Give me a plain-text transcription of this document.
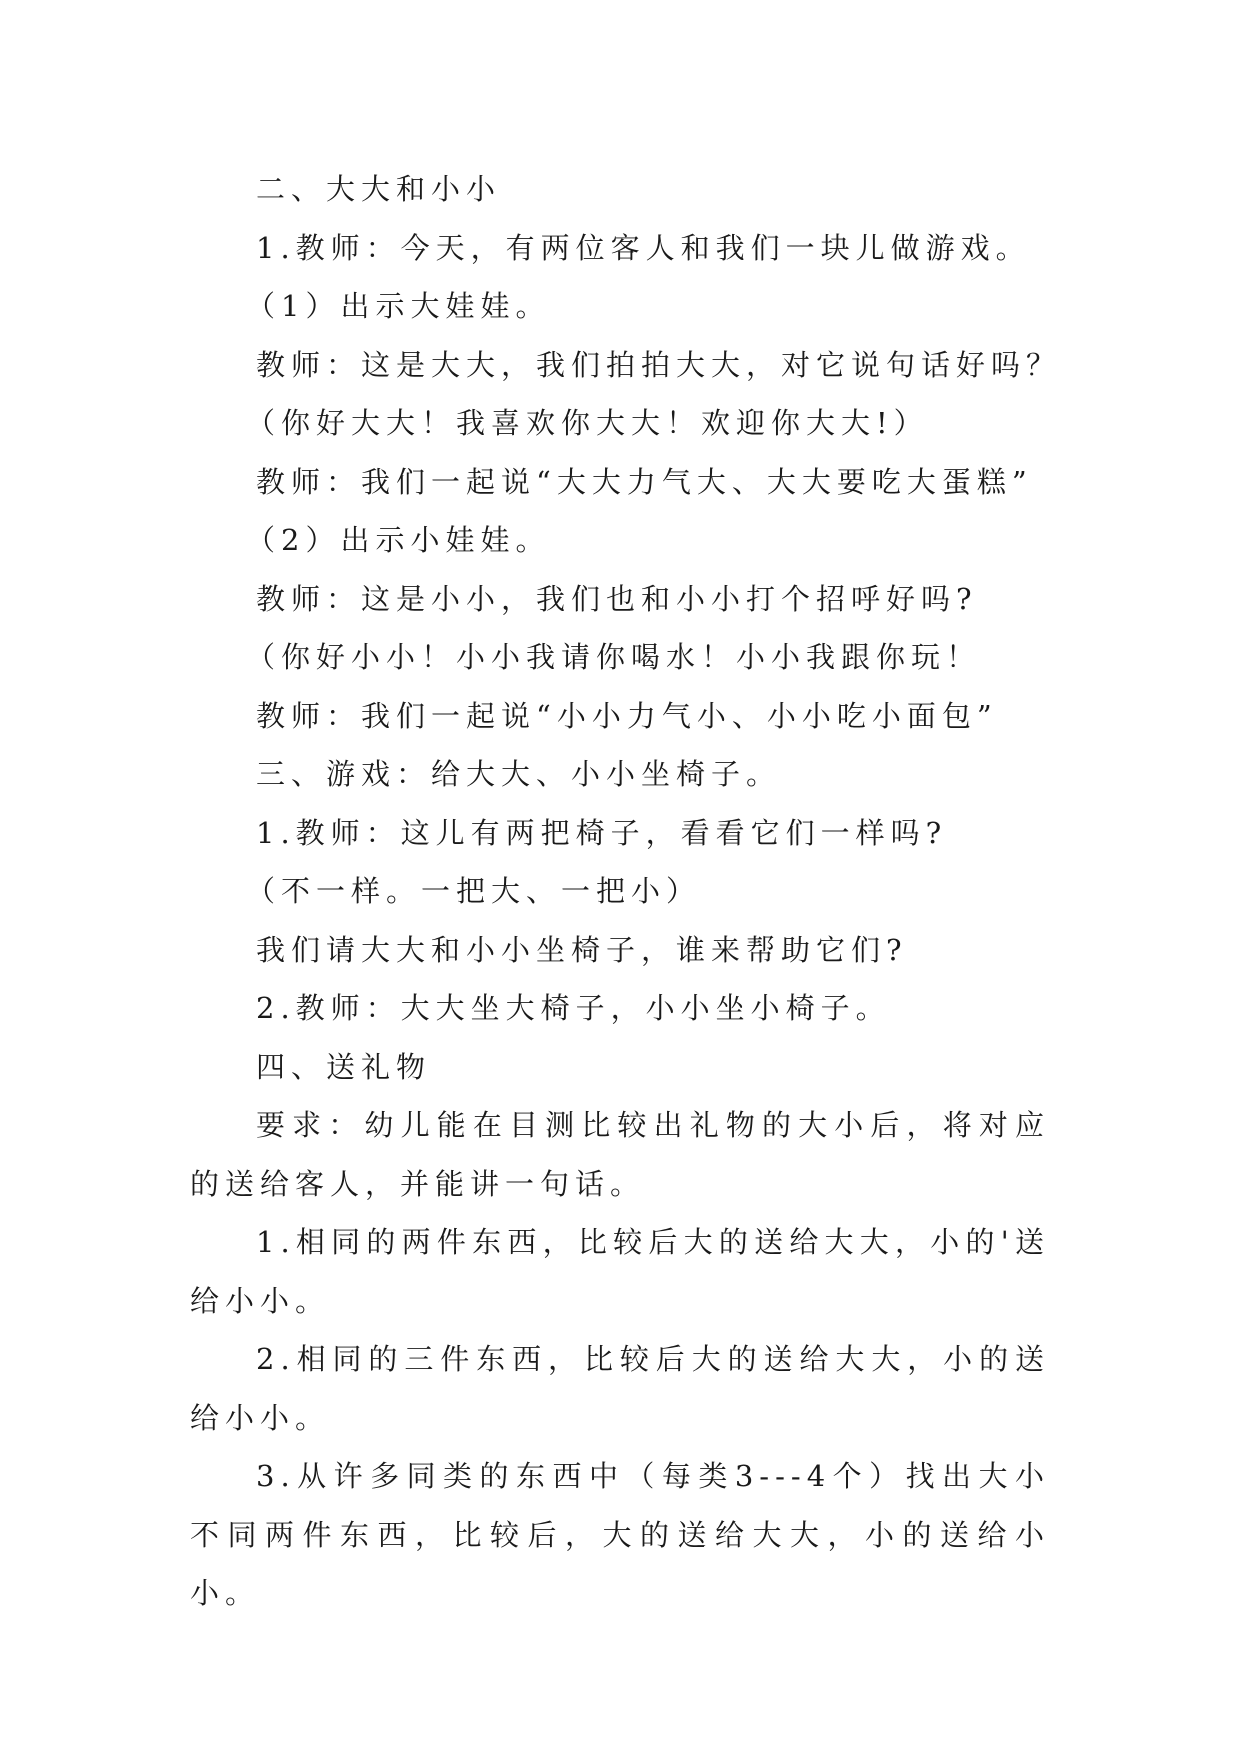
二、大大和小小
1.教师：今天，有两位客人和我们一块儿做游戏。
（1）出示大娃娃。
教师：这是大大，我们拍拍大大，对它说句话好吗？
（你好大大！我喜欢你大大！欢迎你大大!）
教师：我们一起说“大大力气大、大大要吃大蛋糕”
（2）出示小娃娃。
教师：这是小小，我们也和小小打个招呼好吗?
（你好小小！小小我请你喝水！小小我跟你玩！
教师：我们一起说“小小力气小、小小吃小面包”
三、游戏：给大大、小小坐椅子。
1.教师：这儿有两把椅子，看看它们一样吗?
（不一样。一把大、一把小）
我们请大大和小小坐椅子，谁来帮助它们?
2.教师：大大坐大椅子，小小坐小椅子。
四、送礼物

要求：幼儿能在目测比较出礼物的大小后，将对应的送给客人，并能讲一句话。

1.相同的两件东西，比较后大的送给大大，小的'送给小小。

2.相同的三件东西，比较后大的送给大大，小的送给小小。

3.从许多同类的东西中（每类3---4个）找出大小不同两件东西，比较后，大的送给大大，小的送给小小。
